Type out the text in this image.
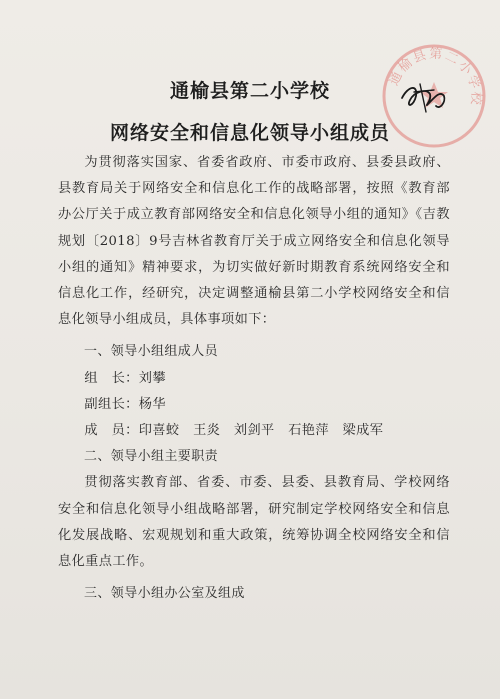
通榆县第二小学校
网络安全和信息化领导小组成员

为贯彻落实国家、省委省政府、市委市政府、县委县政府、县教育局关于网络安全和信息化工作的战略部署，按照《教育部办公厅关于成立教育部网络安全和信息化领导小组的通知》《吉教规划〔2018〕9号吉林省教育厅关于成立网络安全和信息化领导小组的通知》精神要求，为切实做好新时期教育系统网络安全和信息化工作，经研究，决定调整通榆县第二小学校网络安全和信息化领导小组成员，具体事项如下：

一、领导小组组成人员

组　长：刘攀

副组长：杨华

成　员：印喜蛟　王炎　刘剑平　石艳萍　梁成军

二、领导小组主要职责

贯彻落实教育部、省委、市委、县委、县教育局、学校网络安全和信息化领导小组战略部署，研究制定学校网络安全和信息化发展战略、宏观规划和重大政策，统筹协调全校网络安全和信息化重点工作。

三、领导小组办公室及组成

通榆县第二小学校
